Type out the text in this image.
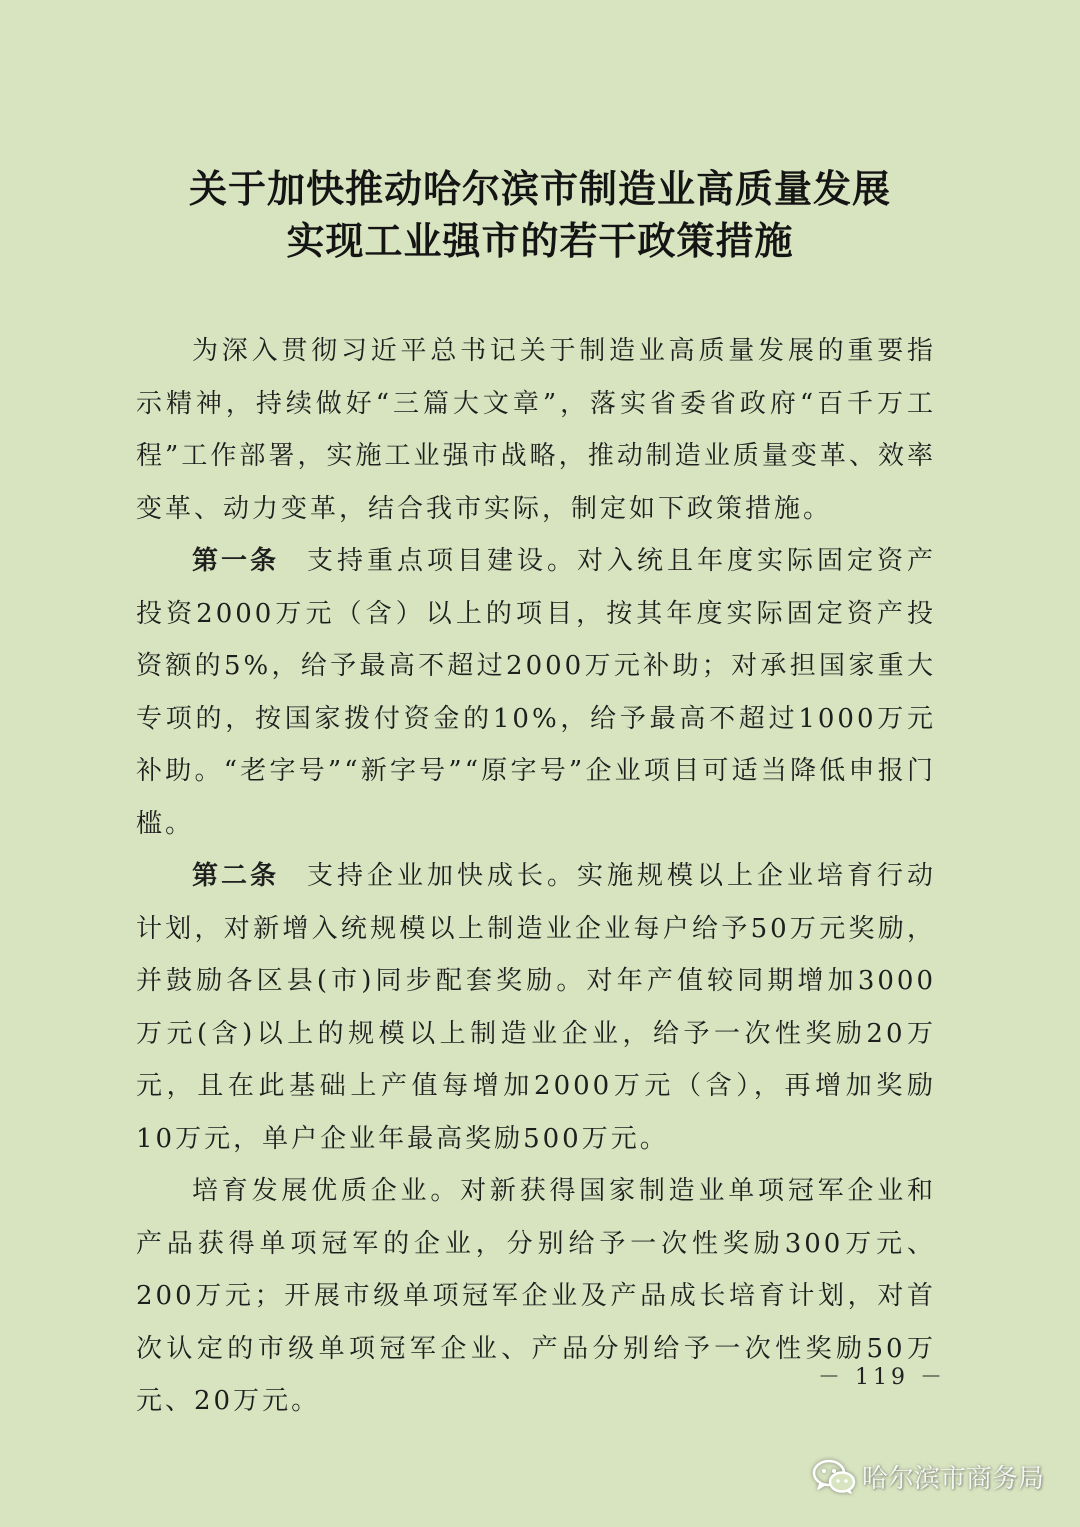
关于加快推动哈尔滨市制造业高质量发展
实现工业强市的若干政策措施

为深入贯彻习近平总书记关于制造业高质量发展的重要指示精神，持续做好“三篇大文章”，落实省委省政府“百千万工程”工作部署，实施工业强市战略，推动制造业质量变革、效率变革、动力变革，结合我市实际，制定如下政策措施。

第一条 支持重点项目建设。对入统且年度实际固定资产投资2000万元（含）以上的项目，按其年度实际固定资产投资额的5%，给予最高不超过2000万元补助；对承担国家重大专项的，按国家拨付资金的10%，给予最高不超过1000万元补助。“老字号”“新字号”“原字号”企业项目可适当降低申报门槛。

第二条 支持企业加快成长。实施规模以上企业培育行动计划，对新增入统规模以上制造业企业每户给予50万元奖励，并鼓励各区县(市)同步配套奖励。对年产值较同期增加3000万元(含)以上的规模以上制造业企业，给予一次性奖励20万元，且在此基础上产值每增加2000万元（含），再增加奖励10万元，单户企业年最高奖励500万元。

培育发展优质企业。对新获得国家制造业单项冠军企业和产品获得单项冠军的企业，分别给予一次性奖励300万元、200万元；开展市级单项冠军企业及产品成长培育计划，对首次认定的市级单项冠军企业、产品分别给予一次性奖励50万元、20万元。

－ 119 －
哈尔滨市商务局
